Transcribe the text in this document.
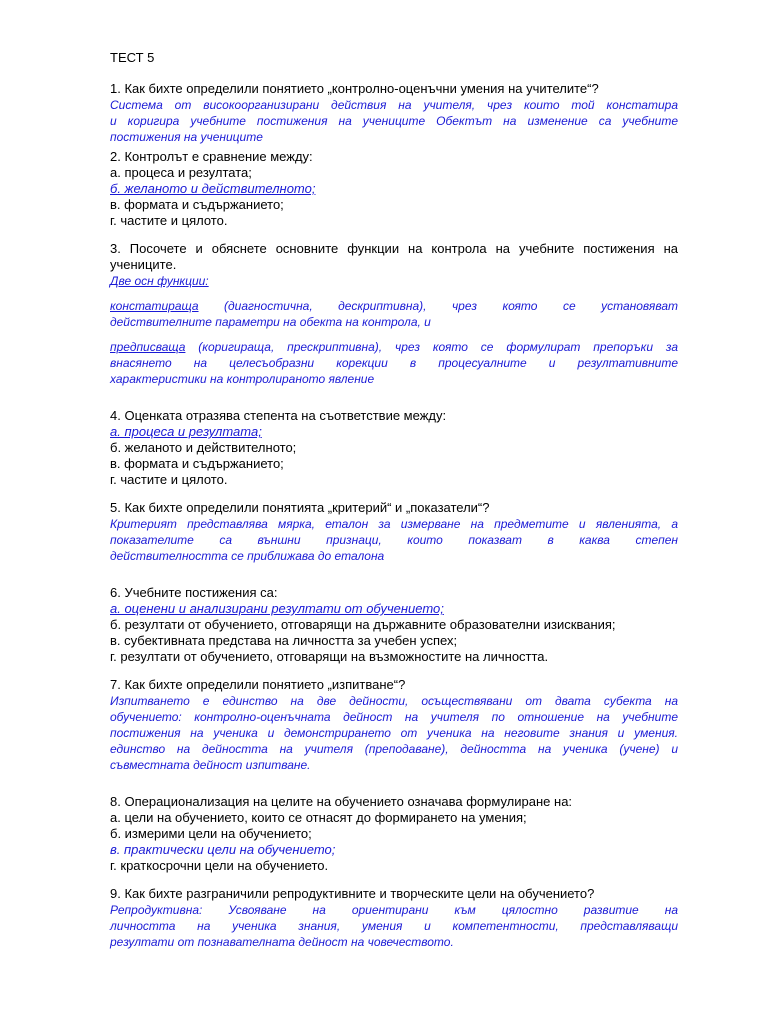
ТЕСТ 5
1. Как бихте определили понятието „контролно-оценъчни умения на учителите“?
Система от високоорганизирани действия на учителя, чрез които той констатира
и коригира учебните постижения на учениците Обектът на изменение са учебните
постижения на учениците
2. Контролът е сравнение между:
а. процеса и резултата;
б. желаното и действителното;
в. формата и съдържанието;
г. частите и цялото.
3. Посочете и обяснете основните функции на контрола на учебните постижения на
учениците.
Две осн функции:
констатираща (диагностична, дескриптивна), чрез която се установяват
действителните параметри на обекта на контрола, и
предписваща (коригираща, прескриптивна), чрез която се формулират препоръки за
внасянето на целесъобразни корекции в процесуалните и резултативните
характеристики на контролираното явление
4. Оценката отразява степента на съответствие между:
а. процеса и резултата;
б. желаното и действителното;
в. формата и съдържанието;
г. частите и цялото.
5. Как бихте определили понятията „критерий“ и „показатели“?
Критерият представлява мярка, еталон за измерване на предметите и явленията, а
показателите са външни признаци, които показват в каква степен
действителността се приближава до еталона
6. Учебните постижения са:
а. оценени и анализирани резултати от обучението;
б. резултати от обучението, отговарящи на държавните образователни изисквания;
в. субективната представа на личността за учебен успех;
г. резултати от обучението, отговарящи на възможностите на личността.
7. Как бихте определили понятието „изпитване“?
Изпитването е единство на две дейности, осъществявани от двата субекта на
обучението: контролно-оценъчната дейност на учителя по отношение на учебните
постижения на ученика и демонстрирането от ученика на неговите знания и умения.
единство на дейността на учителя (преподаване), дейността на ученика (учене) и
съвместната дейност изпитване.
8. Операционализация на целите на обучението означава формулиране на:
а. цели на обучението, които се отнасят до формирането на умения;
б. измерими цели на обучението;
в. практически цели на обучението;
г. краткосрочни цели на обучението.
9. Как бихте разграничили репродуктивните и творческите цели на обучението?
Репродуктивна: Усвояване на ориентирани към цялостно развитие на
личността на ученика знания, умения и компетентности, представляващи
резултати от познавателната дейност на човечеството.
